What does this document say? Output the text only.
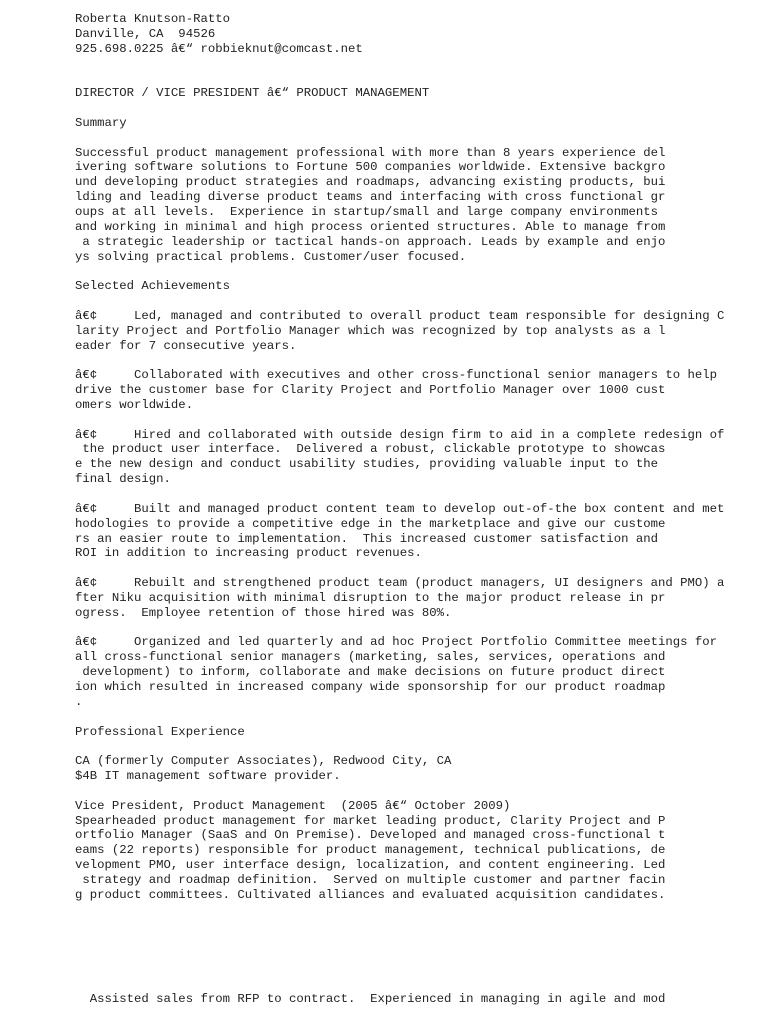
Roberta Knutson-Ratto
Danville, CA  94526
925.698.0225 â€“ robbieknut@comcast.net
DIRECTOR / VICE PRESIDENT â€“ PRODUCT MANAGEMENT
Summary
Successful product management professional with more than 8 years experience del
ivering software solutions to Fortune 500 companies worldwide. Extensive backgro
und developing product strategies and roadmaps, advancing existing products, bui
lding and leading diverse product teams and interfacing with cross functional gr
oups at all levels.  Experience in startup/small and large company environments
and working in minimal and high process oriented structures. Able to manage from
a strategic leadership or tactical hands-on approach. Leads by example and enjo
ys solving practical problems. Customer/user focused.
Selected Achievements
â€¢     Led, managed and contributed to overall product team responsible for designing C
larity Project and Portfolio Manager which was recognized by top analysts as a l
eader for 7 consecutive years.
â€¢     Collaborated with executives and other cross-functional senior managers to help
drive the customer base for Clarity Project and Portfolio Manager over 1000 cust
omers worldwide.
â€¢     Hired and collaborated with outside design firm to aid in a complete redesign of
the product user interface.  Delivered a robust, clickable prototype to showcas
e the new design and conduct usability studies, providing valuable input to the
final design.
â€¢     Built and managed product content team to develop out-of-the box content and met
hodologies to provide a competitive edge in the marketplace and give our custome
rs an easier route to implementation.  This increased customer satisfaction and
ROI in addition to increasing product revenues.
â€¢     Rebuilt and strengthened product team (product managers, UI designers and PMO) a
fter Niku acquisition with minimal disruption to the major product release in pr
ogress.  Employee retention of those hired was 80%.
â€¢     Organized and led quarterly and ad hoc Project Portfolio Committee meetings for
all cross-functional senior managers (marketing, sales, services, operations and
development) to inform, collaborate and make decisions on future product direct
ion which resulted in increased company wide sponsorship for our product roadmap
.
Professional Experience
CA (formerly Computer Associates), Redwood City, CA
$4B IT management software provider.
Vice President, Product Management  (2005 â€“ October 2009)
Spearheaded product management for market leading product, Clarity Project and P
ortfolio Manager (SaaS and On Premise). Developed and managed cross-functional t
eams (22 reports) responsible for product management, technical publications, de
velopment PMO, user interface design, localization, and content engineering. Led
strategy and roadmap definition.  Served on multiple customer and partner facin
g product committees. Cultivated alliances and evaluated acquisition candidates.
Assisted sales from RFP to contract.  Experienced in managing in agile and mod
